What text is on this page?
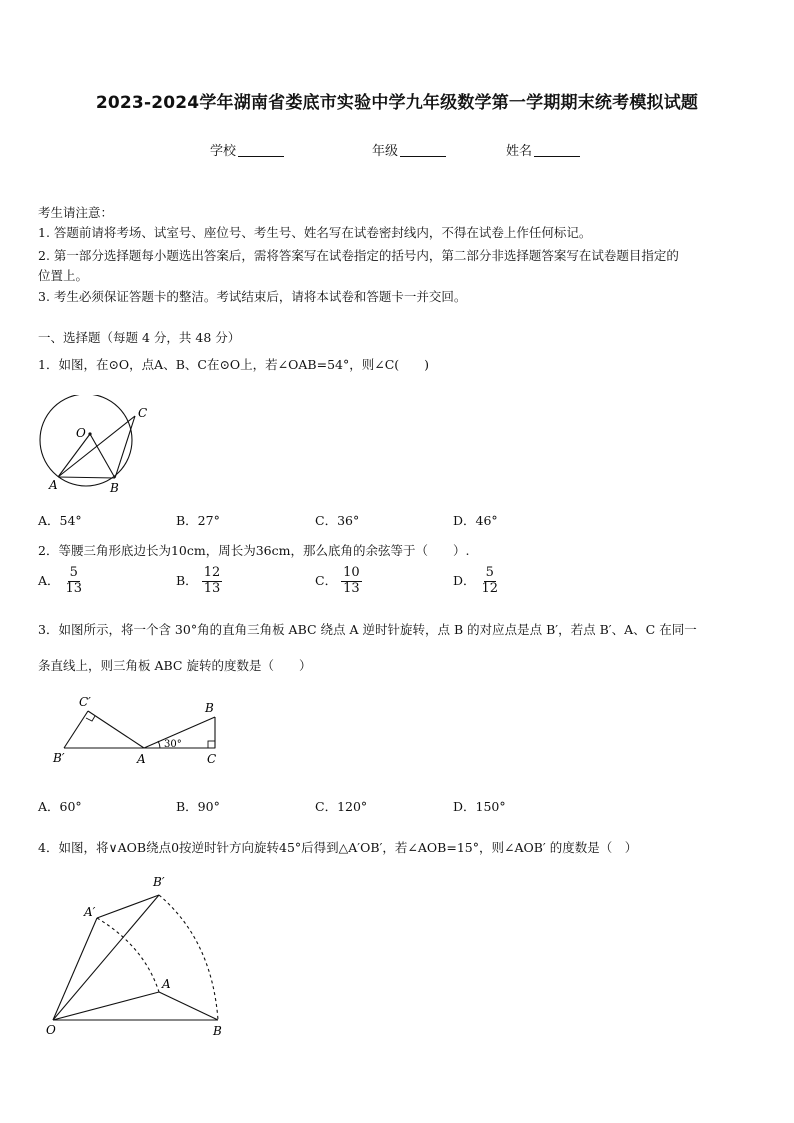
2023-2024学年湖南省娄底市实验中学九年级数学第一学期期末统考模拟试题
学校	年级	姓名
考生请注意：
1. 答题前请将考场、试室号、座位号、考生号、姓名写在试卷密封线内，不得在试卷上作任何标记。
2. 第一部分选择题每小题选出答案后，需将答案写在试卷指定的括号内，第二部分非选择题答案写在试卷题目指定的
位置上。
3. 考生必须保证答题卡的整洁。考试结束后，请将本试卷和答题卡一并交回。
一、选择题（每题 4 分，共 48 分）
1．如图，在⊙O，点A、B、C在⊙O上，若∠OAB=54°，则∠C(　　)
O
A	B
C
A．54°	B．27°	C．36°	D．46°
2．等腰三角形底边长为10cm，周长为36cm，那么底角的余弦等于（　　）.
A． $\frac{5}{13}$	B． $\frac{12}{13}$	C． $\frac{10}{13}$	D． $\frac{5}{12}$
3．如图所示，将一个含 30°角的直角三角板 ABC 绕点 A 逆时针旋转，点 B 的对应点是点 B′，若点 B′、A、C 在同一
条直线上，则三角板 ABC 旋转的度数是（　　）
30°
C′
B′	A
B
C
A．60°	B．90°	C．120°	D．150°
4．如图，将∨AOB绕点0按逆时针方向旋转45°后得到△A′OB′，若∠AOB=15°，则∠AOB′ 的度数是（　）
B′
A′
A
O	B
